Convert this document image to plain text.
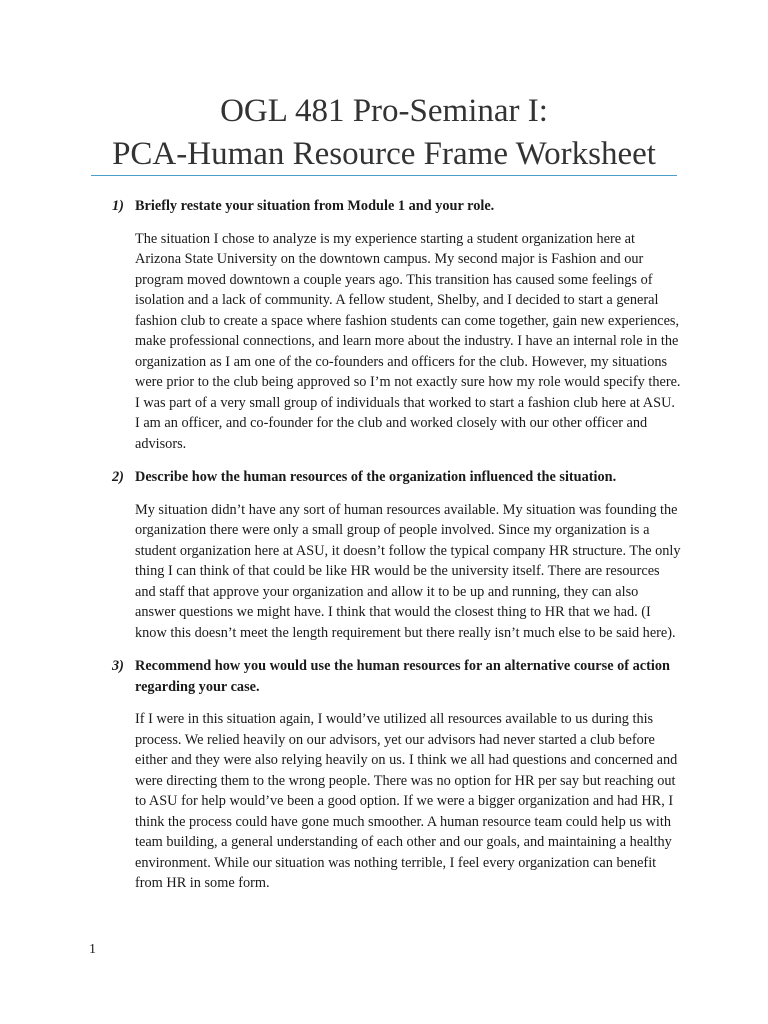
OGL 481 Pro-Seminar I:
PCA-Human Resource Frame Worksheet

1) Briefly restate your situation from Module 1 and your role.

The situation I chose to analyze is my experience starting a student organization here at Arizona State University on the downtown campus. My second major is Fashion and our program moved downtown a couple years ago. This transition has caused some feelings of isolation and a lack of community. A fellow student, Shelby, and I decided to start a general fashion club to create a space where fashion students can come together, gain new experiences, make professional connections, and learn more about the industry. I have an internal role in the organization as I am one of the co-founders and officers for the club. However, my situations were prior to the club being approved so I’m not exactly sure how my role would specify there. I was part of a very small group of individuals that worked to start a fashion club here at ASU. I am an officer, and co-founder for the club and worked closely with our other officer and advisors.

2) Describe how the human resources of the organization influenced the situation.

My situation didn’t have any sort of human resources available. My situation was founding the organization there were only a small group of people involved. Since my organization is a student organization here at ASU, it doesn’t follow the typical company HR structure. The only thing I can think of that could be like HR would be the university itself. There are resources and staff that approve your organization and allow it to be up and running, they can also answer questions we might have. I think that would the closest thing to HR that we had. (I know this doesn’t meet the length requirement but there really isn’t much else to be said here).

3) Recommend how you would use the human resources for an alternative course of action regarding your case.

If I were in this situation again, I would’ve utilized all resources available to us during this process. We relied heavily on our advisors, yet our advisors had never started a club before either and they were also relying heavily on us. I think we all had questions and concerned and were directing them to the wrong people. There was no option for HR per say but reaching out to ASU for help would’ve been a good option. If we were a bigger organization and had HR, I think the process could have gone much smoother. A human resource team could help us with team building, a general understanding of each other and our goals, and maintaining a healthy environment. While our situation was nothing terrible, I feel every organization can benefit from HR in some form.

1
